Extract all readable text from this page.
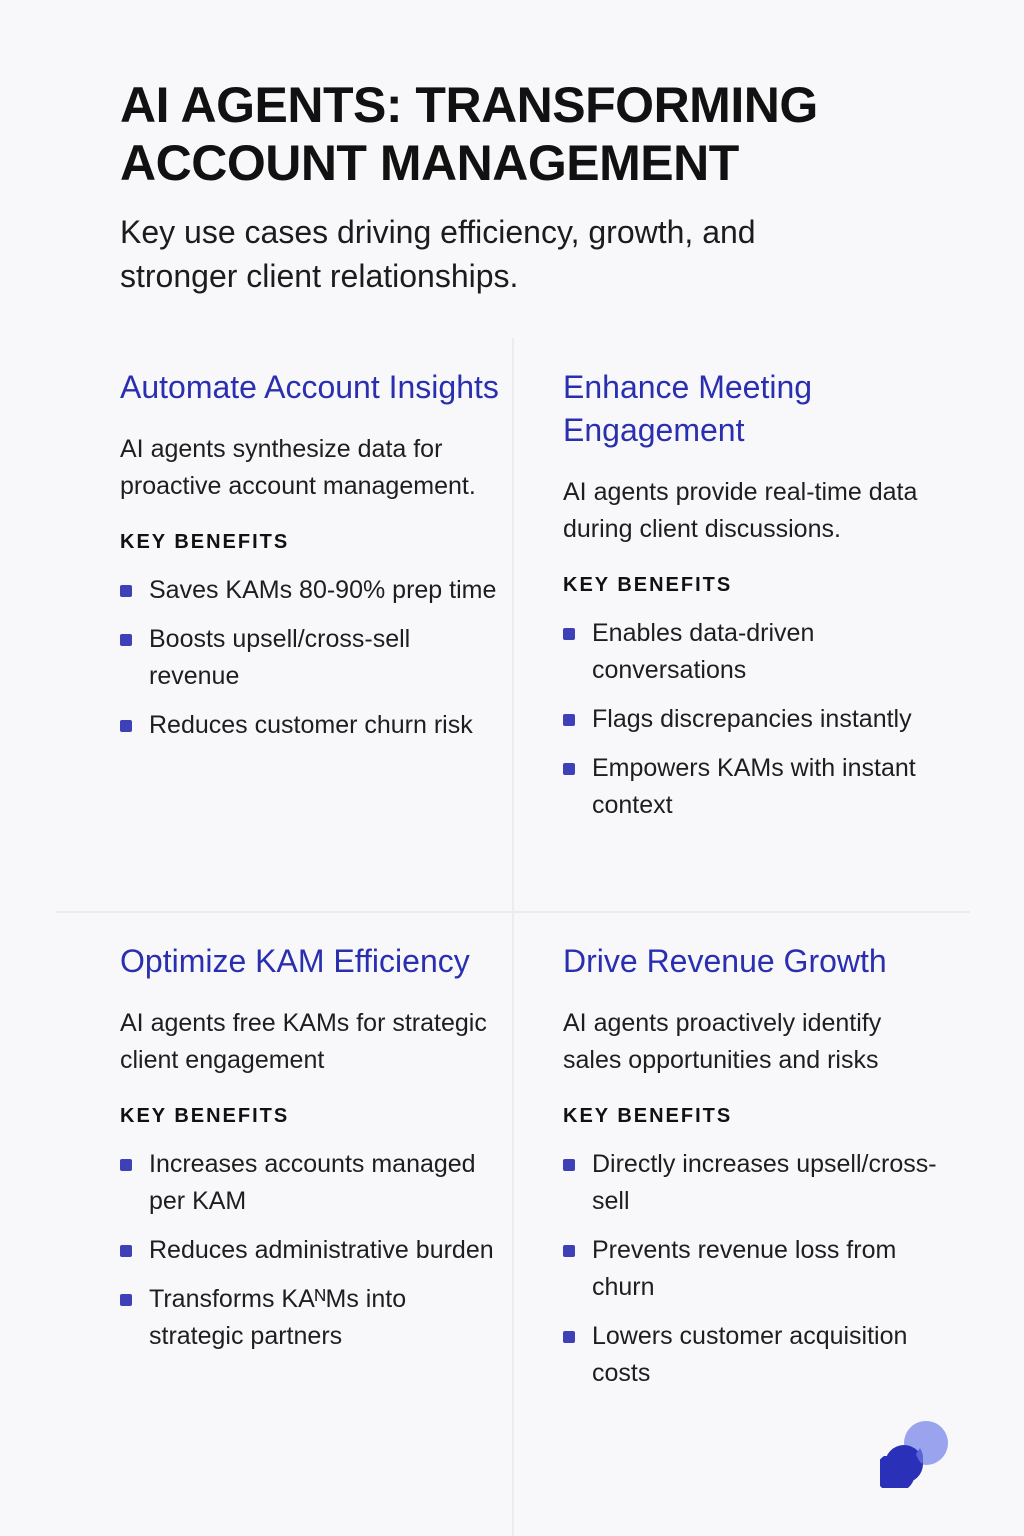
AI AGENTS: TRANSFORMING
ACCOUNT MANAGEMENT
Key use cases driving efficiency, growth, and stronger client relationships.
Automate Account Insights
AI agents synthesize data for proactive account management.
KEY BENEFITS
Saves KAMs 80-90% prep time
Boosts upsell/cross-sell revenue
Reduces customer churn risk
Enhance Meeting Engagement
AI agents provide real-time data during client discussions.
KEY BENEFITS
Enables data-driven conversations
Flags discrepancies instantly
Empowers KAMs with instant context
Optimize KAM Efficiency
AI agents free KAMs for strategic client engagement
KEY BENEFITS
Increases accounts managed per KAM
Reduces administrative burden
Transforms KAᴺMs into strategic partners
Drive Revenue Growth
AI agents proactively identify sales opportunities and risks
KEY BENEFITS
Directly increases upsell/cross-sell
Prevents revenue loss from churn
Lowers customer acquisition costs
